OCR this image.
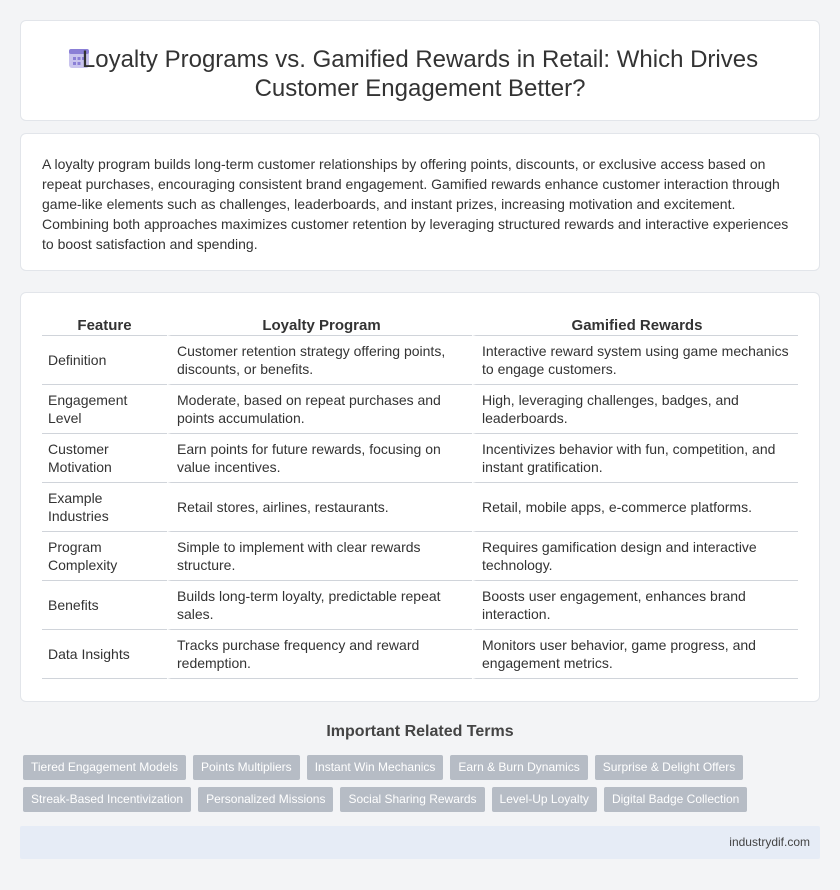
Loyalty Programs vs. Gamified Rewards in Retail: Which Drives Customer Engagement Better?

A loyalty program builds long-term customer relationships by offering points, discounts, or exclusive access based on repeat purchases, encouraging consistent brand engagement. Gamified rewards enhance customer interaction through game-like elements such as challenges, leaderboards, and instant prizes, increasing motivation and excitement. Combining both approaches maximizes customer retention by leveraging structured rewards and interactive experiences to boost satisfaction and spending.

Feature	Loyalty Program	Gamified Rewards
Definition	Customer retention strategy offering points, discounts, or benefits.	Interactive reward system using game mechanics to engage customers.
Engagement Level	Moderate, based on repeat purchases and points accumulation.	High, leveraging challenges, badges, and leaderboards.
Customer Motivation	Earn points for future rewards, focusing on value incentives.	Incentivizes behavior with fun, competition, and instant gratification.
Example Industries	Retail stores, airlines, restaurants.	Retail, mobile apps, e-commerce platforms.
Program Complexity	Simple to implement with clear rewards structure.	Requires gamification design and interactive technology.
Benefits	Builds long-term loyalty, predictable repeat sales.	Boosts user engagement, enhances brand interaction.
Data Insights	Tracks purchase frequency and reward redemption.	Monitors user behavior, game progress, and engagement metrics.
Important Related Terms
Tiered Engagement Models	Points Multipliers	Instant Win Mechanics	Earn & Burn Dynamics	Surprise & Delight Offers
Streak-Based Incentivization	Personalized Missions	Social Sharing Rewards	Level-Up Loyalty	Digital Badge Collection
industrydif.com
